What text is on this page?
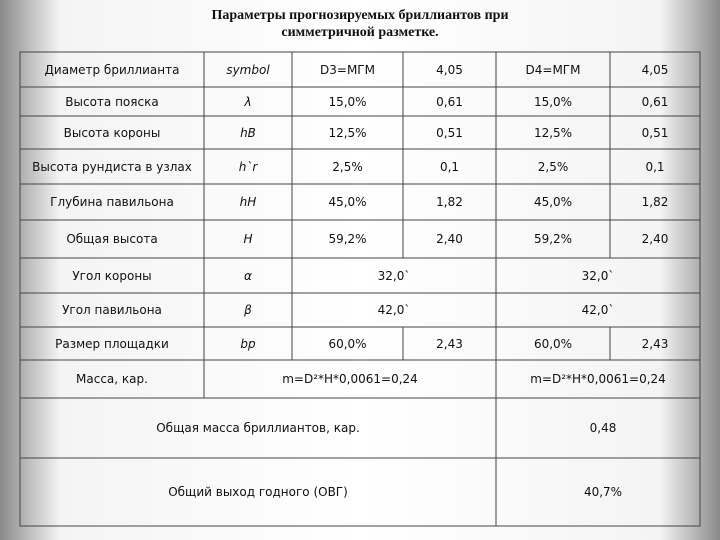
Параметры прогнозируемых бриллиантов при
симметричной разметке.
Диаметр бриллианта	symbol	D3=МГМ	4,05	D4=МГМ	4,05
Высота пояска	λ	15,0%	0,61	15,0%	0,61
Высота короны	hВ	12,5%	0,51	12,5%	0,51
Высота рундиста в узлах	h`r	2,5%	0,1	2,5%	0,1
Глубина павильона	hH	45,0%	1,82	45,0%	1,82
Общая высота	H	59,2%	2,40	59,2%	2,40
Угол короны	α	32,0`	32,0`
Угол павильона	β	42,0`	42,0`
Размер площадки	bp	60,0%	2,43	60,0%	2,43
Масса, кар.	m=D²*H*0,0061=0,24	m=D²*H*0,0061=0,24
Общая масса бриллиантов, кар.	0,48
Общий выход годного (ОВГ)	40,7%
